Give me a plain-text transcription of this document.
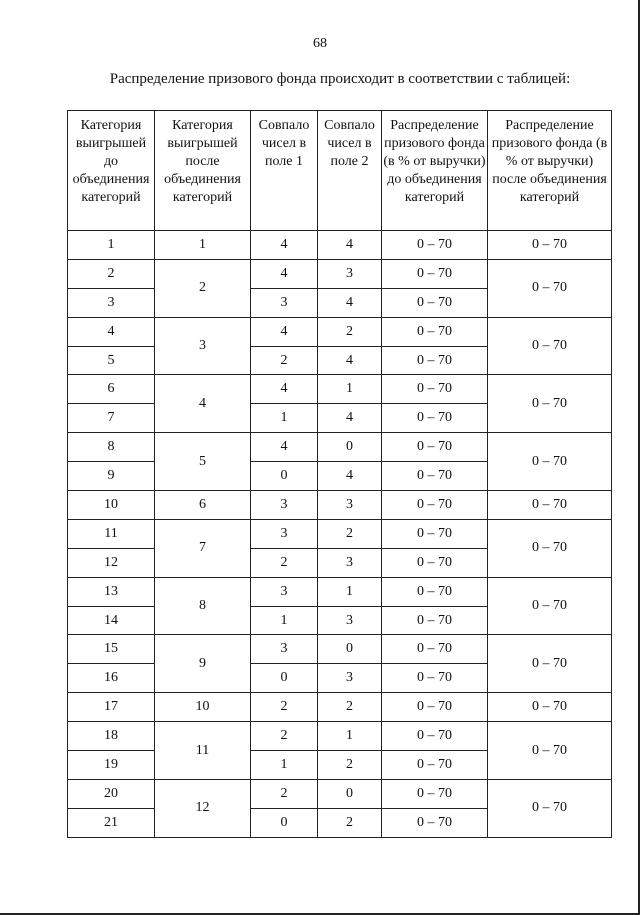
68
Распределение призового фонда происходит в соответствии с таблицей:
Категория выигрышей до объединения категорий	Категория выигрышей после объединения категорий	Совпало чисел в поле 1	Совпало чисел в поле 2	Распределение призового фонда (в % от выручки) до объединения категорий	Распределение призового фонда (в % от выручки) после объединения категорий
1	1	4	4	0 – 70	0 – 70
2	2	4	3	0 – 70	0 – 70
3		3	4	0 – 70	
4	3	4	2	0 – 70	0 – 70
5		2	4	0 – 70	
6	4	4	1	0 – 70	0 – 70
7		1	4	0 – 70	
8	5	4	0	0 – 70	0 – 70
9		0	4	0 – 70	
10	6	3	3	0 – 70	0 – 70
11	7	3	2	0 – 70	0 – 70
12		2	3	0 – 70	
13	8	3	1	0 – 70	0 – 70
14		1	3	0 – 70	
15	9	3	0	0 – 70	0 – 70
16		0	3	0 – 70	
17	10	2	2	0 – 70	0 – 70
18	11	2	1	0 – 70	0 – 70
19		1	2	0 – 70	
20	12	2	0	0 – 70	0 – 70
21		0	2	0 – 70	
